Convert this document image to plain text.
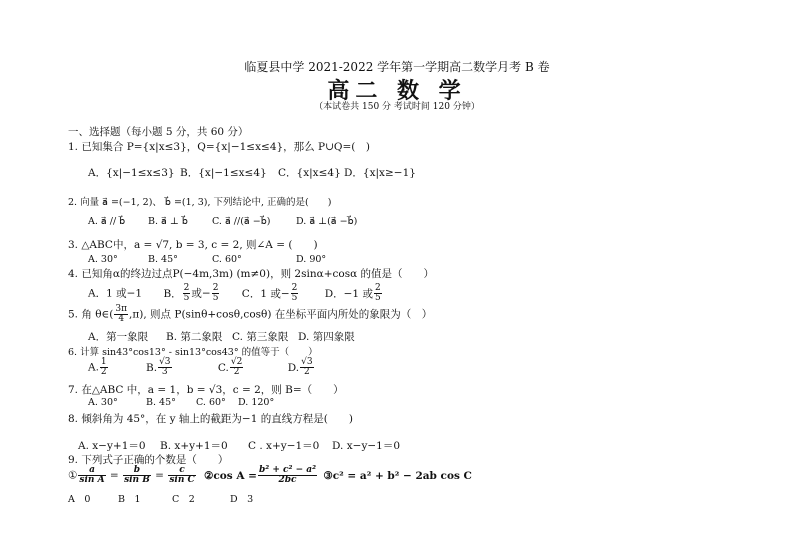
临夏县中学 2021-2022 学年第一学期高二数学月考 B 卷
高二 数 学
（本试卷共 150 分 考试时间 120 分钟）
一、选择题（每小题 5 分，共 60 分）
1. 已知集合 P={x|x≤3}，Q={x|−1≤x≤4}，那么 P∪Q=(　)
A．{x|−1≤x≤3} B．{x|−1≤x≤4} C．{x|x≤4} D．{x|x≥−1}
2. 向量 a⃗ =(−1, 2)、 b⃗ =(1, 3), 下列结论中, 正确的是(　　)
A. a⃗ // b⃗ B. a⃗ ⊥ b⃗	C. a⃗ //(a⃗ −b⃗)	D. a⃗ ⊥(a⃗ −b⃗)
3. △ABC中，a = √7, b = 3, c = 2, 则∠A = (　　)
A. 30°	B. 45°	C. 60°	D. 90°
4. 已知角α的终边过点P(−4m,3m) (m≠0)，则 2sinα+cosα 的值是（　　）
A．1 或−1 B． $\frac{2}{5}$ 或− $\frac{2}{5}$ C．1 或− $\frac{2}{5}$	D．−1 或 $\frac{2}{5}$
5. 角 θ∈( $\frac{3\pi}{4} ,\pi$), 则点 P(sinθ+cosθ,cosθ) 在坐标平面内所处的象限为（　）
A．第一象限 B. 第二象限 C. 第三象限 D. 第四象限
6. 计算 sin43°cos13° - sin13°cos43° 的值等于（　　）
A. $\frac{1}{2}$	B. $\frac{√3}{3}$	C. $\frac{√2}{2}$	D. $\frac{√3}{2}$
7. 在△ABC 中，a = 1，b = √3，c = 2，则 B=（　　）
A. 30°	B. 45° C. 60° D. 120°
8. 倾斜角为 45°，在 y 轴上的截距为−1 的直线方程是(　　)
A. x−y+1＝0 B. x+y+1＝0 C . x+y−1＝0 D. x−y−1＝0
9. 下列式子正确的个数是（　　）
① $\frac{a}{\text{sin A}} = \frac{b}{\text{sin B}} = \frac{c}{\text{sin C}}$ ②cos $A = \frac{\text{b² + c² − a²}}{2bc}$ ③c² = a² + b² − 2ab cos C
A　0	B　1	C　2	D　3
